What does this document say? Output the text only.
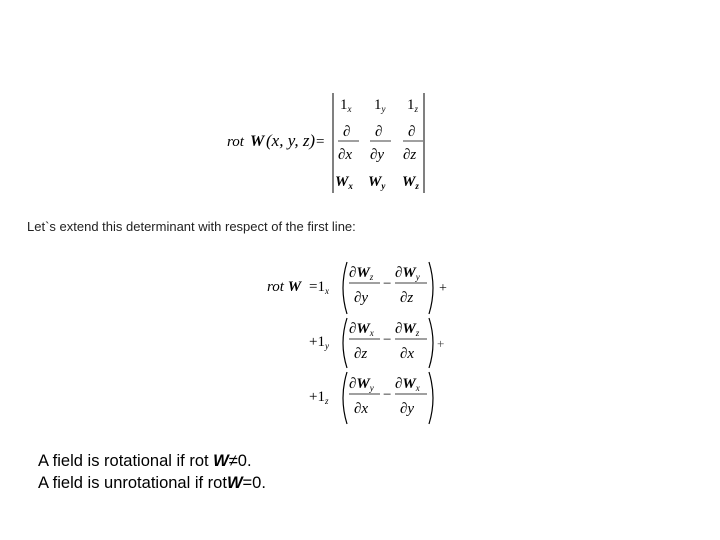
rot W (x, y, z) =
$1_x$ $1_y$ $1_z$
∂
∂x
∂
∂y
∂
∂z
$W_x$ $W_y$ $W_z$
Let`s extend this determinant with respect of the first line:
rot $W =1_x$
$\partial W_z$
∂y
−
$\partial W_y$
∂z
+
$+1_y$
$\partial W_x$
∂z
−
$\partial W_z$
∂x
+
$+1_z$
$\partial W_y$
∂x
−
$\partial W_x$
∂y
A field is rotational if rot W≠0.
A field is unrotational if rotW=0.
